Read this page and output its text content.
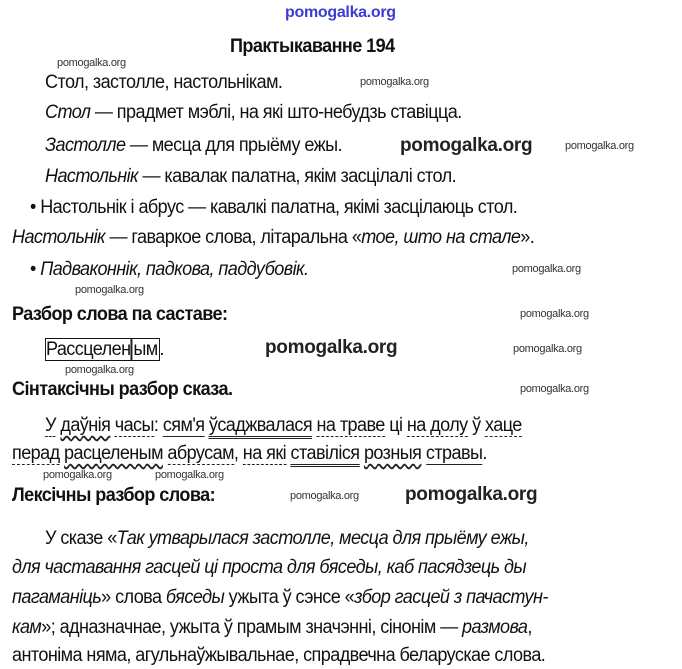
Практыкаванне 194
Стол, застолле, настольнікам.
Стол — прадмет мэблі, на які што-небудзь ставіцца.
Застолле — месца для прыёму ежы.
Настольнік — кавалак палатна, якім засцілалі стол.
• Настольнік і абрус — кавалкі палатна, якімі засцілаюць стол.
Настольнік — гаваркое слова, літаральна «тое, што на стале».
• Падваконнік, падкова, паддубовік.
Разбор слова па саставе:
Рассцелен ым .
Сінтаксічны разбор сказа.
У даўнія часы: сям'я ўсаджвалася на траве ці на долу ў хаце
перад расцеленым абрусам, на які ставіліся розныя стравы.
Лексічны разбор слова:
У сказе «Так утварылася застолле, месца для прыёму ежы,
для частавання гасцей ці проста для бяседы, каб пасядзець ды
пагаманіць» слова бяседы ужыта ў сэнсе «збор гасцей з пачастун-
кам»; адназначнае, ужыта ў прамым значэнні, сінонім — размова,
антоніма няма, агульнаўжывальнае, спрадвечна беларускае слова.
pomogalka.org
pomogalka.org
pomogalka.org
pomogalka.org
pomogalka.org
pomogalka.org
pomogalka.org
pomogalka.org	pomogalka.org
pomogalka.org
pomogalka.org	pomogalka.org
pomogalka.org
pomogalka.org
pomogalka.org
pomogalka.org
